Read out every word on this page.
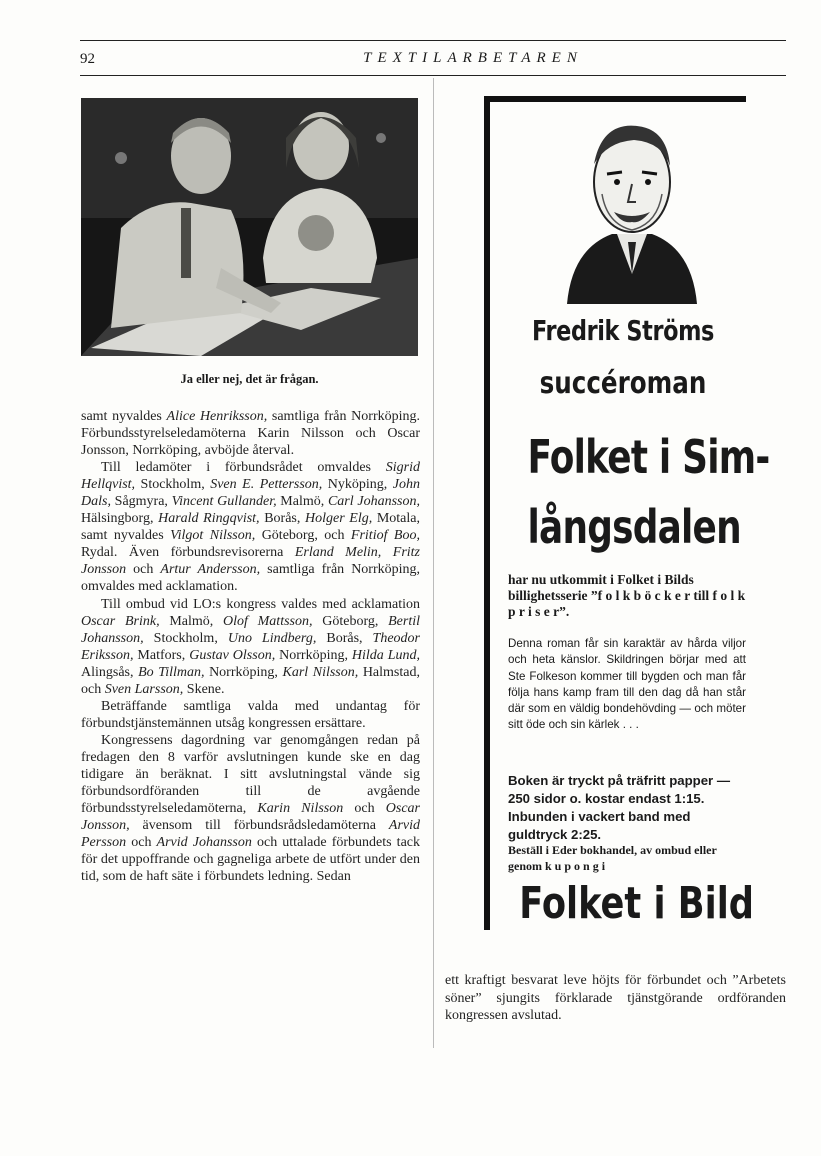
92	TEXTILARBETAREN
Ja eller nej, det är frågan.

samt nyvaldes Alice Henriksson, samtliga från Norrköping. Förbundsstyrelseledamöterna Karin Nilsson och Oscar Jonsson, Norrköping, avböjde återval.

Till ledamöter i förbundsrådet omvaldes Sigrid Hellqvist, Stockholm, Sven E. Pettersson, Nyköping, John Dals, Sågmyra, Vincent Gullander, Malmö, Carl Johansson, Hälsingborg, Harald Ringqvist, Borås, Holger Elg, Motala, samt nyvaldes Vilgot Nilsson, Göteborg, och Fritiof Boo, Rydal. Även förbundsrevisorerna Erland Melin, Fritz Jonsson och Artur Andersson, samtliga från Norrköping, omvaldes med acklamation.

Till ombud vid LO:s kongress valdes med acklamation Oscar Brink, Malmö, Olof Mattsson, Göteborg, Bertil Johansson, Stockholm, Uno Lindberg, Borås, Theodor Eriksson, Matfors, Gustav Olsson, Norrköping, Hilda Lund, Alingsås, Bo Tillman, Norrköping, Karl Nilsson, Halmstad, och Sven Larsson, Skene.

Beträffande samtliga valda med undantag för förbundstjänstemännen utsåg kongressen ersättare.

Kongressens dagordning var genomgången redan på fredagen den 8 varför avslutningen kunde ske en dag tidigare än beräknat. I sitt avslutningstal vände sig förbundsordföranden till de avgående förbundsstyrelseledamöterna, Karin Nilsson och Oscar Jonsson, ävensom till förbundsrådsledamöterna Arvid Persson och Arvid Johansson och uttalade förbundets tack för det uppoffrande och gagneliga arbete de utfört under den tid, som de haft säte i förbundets ledning. Sedan

Fredrik Ströms
succéroman
Folket i Sim-
långsdalen
har nu utkommit i Folket i Bilds billighetsserie ”f o l k b ö c k e r till f o l k p r i s e r”.
Denna roman får sin karaktär av hårda viljor och heta känslor. Skildringen börjar med att Ste Folkeson kommer till bygden och man får följa hans kamp fram till den dag då han står där som en väldig bondehövding — och möter sitt öde och sin kärlek . . .
Boken är tryckt på träfritt papper — 250 sidor o. kostar endast 1:15. Inbunden i vackert band med guldtryck 2:25.
Beställ i Eder bokhandel, av ombud eller genom k u p o n g i
Folket i Bild
ett kraftigt besvarat leve höjts för förbundet och ”Arbetets söner” sjungits förklarade tjänstgörande ordföranden kongressen avslutad.
